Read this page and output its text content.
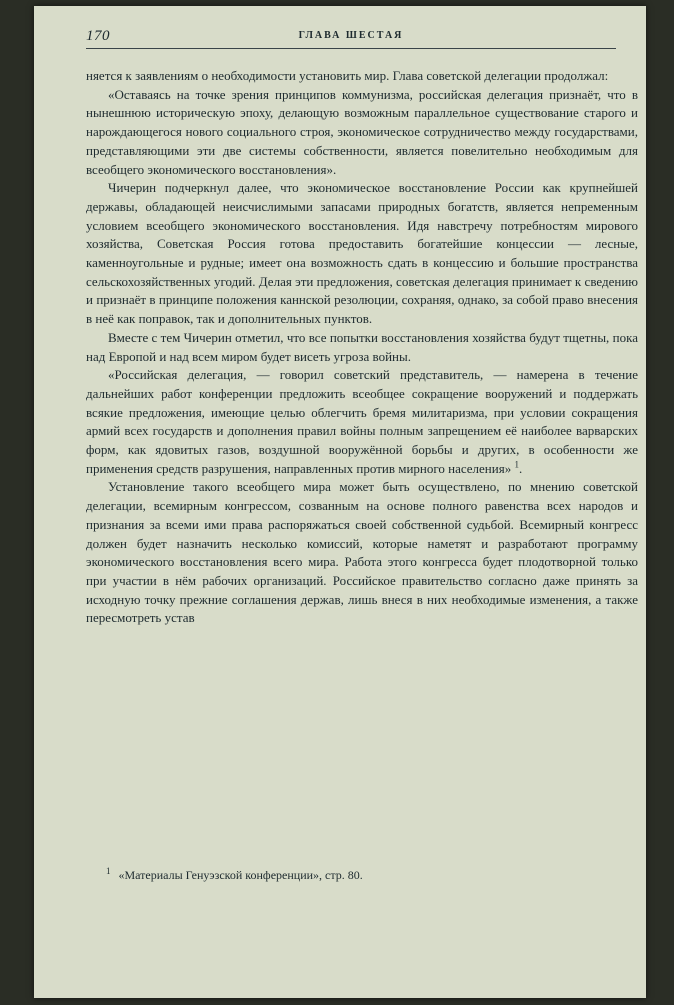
170	ГЛАВА ШЕСТАЯ

няется к заявлениям о необходимости установить мир. Глава советской делегации продолжал:

«Оставаясь на точке зрения принципов коммунизма, российская делегация признаёт, что в нынешнюю историческую эпоху, делающую возможным параллельное существование старого и нарождающегося нового социального строя, экономическое сотрудничество между государствами, представляющими эти две системы собственности, является повелительно необходимым для всеобщего экономического восстановления».

Чичерин подчеркнул далее, что экономическое восстановление России как крупнейшей державы, обладающей неисчислимыми запасами природных богатств, является непременным условием всеобщего экономического восстановления. Идя навстречу потребностям мирового хозяйства, Советская Россия готова предоставить богатейшие концессии — лесные, каменноугольные и рудные; имеет она возможность сдать в концессию и большие пространства сельскохозяйственных угодий. Делая эти предложения, советская делегация принимает к сведению и признаёт в принципе положения каннской резолюции, сохраняя, однако, за собой право внесения в неё как поправок, так и дополнительных пунктов.

Вместе с тем Чичерин отметил, что все попытки восстановления хозяйства будут тщетны, пока над Европой и над всем миром будет висеть угроза войны.

«Российская делегация, — говорил советский представитель, — намерена в течение дальнейших работ конференции предложить всеобщее сокращение вооружений и поддержать всякие предложения, имеющие целью облегчить бремя милитаризма, при условии сокращения армий всех государств и дополнения правил войны полным запрещением её наиболее варварских форм, как ядовитых газов, воздушной вооружённой борьбы и других, в особенности же применения средств разрушения, направленных против мирного населения» $^1$.

Установление такого всеобщего мира может быть осуществлено, по мнению советской делегации, всемирным конгрессом, созванным на основе полного равенства всех народов и признания за всеми ими права распоряжаться своей собственной судьбой. Всемирный конгресс должен будет назначить несколько комиссий, которые наметят и разработают программу экономического восстановления всего мира. Работа этого конгресса будет плодотворной только при участии в нём рабочих организаций. Российское правительство согласно даже принять за исходную точку прежние соглашения держав, лишь внеся в них необходимые изменения, а также пересмотреть устав

$^1$ «Материалы Генуэзской конференции», стр. 80.
